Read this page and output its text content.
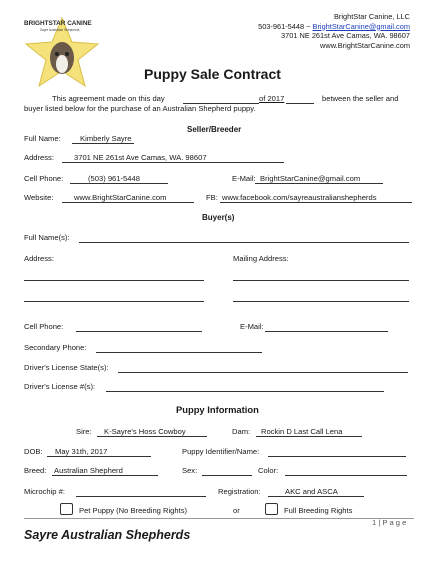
BRIGHTSTAR CANINE
Sayre Australian Shepherds
BrightStar Canine, LLC
503-961-5448 ~ BrightStarCanine@gmail.com
3701 NE 261st Ave Camas, WA. 98607
www.BrightStarCanine.com
Puppy Sale Contract
This agreement made on this day	of 2017	between the seller and
buyer listed below for the purchase of an Australian Shepherd puppy.
Seller/Breeder
Full Name:	Kimberly Sayre
Address:	3701 NE 261st Ave Camas, WA. 98607
Cell Phone:	(503) 961-5448	E-Mail: BrightStarCanine@gmail.com
Website:	www.BrightStarCanine.com	FB: www.facebook.com/sayreaustralianshepherds
Buyer(s)
Full Name(s):
Address:	Mailing Address:
Cell Phone:	E-Mail:
Secondary Phone:
Driver's License State(s):
Driver's License #(s):
Puppy Information
Sire: K-Sayre's Hoss Cowboy	Dam: Rockin D Last Call Lena
DOB: May 31th, 2017	Puppy Identifier/Name:
Breed: Australian Shepherd	Sex:	Color:
Microchip #:	Registration:	AKC and ASCA
Pet Puppy (No Breeding Rights)	or	Full Breeding Rights
1 | P a g e
Sayre Australian Shepherds
